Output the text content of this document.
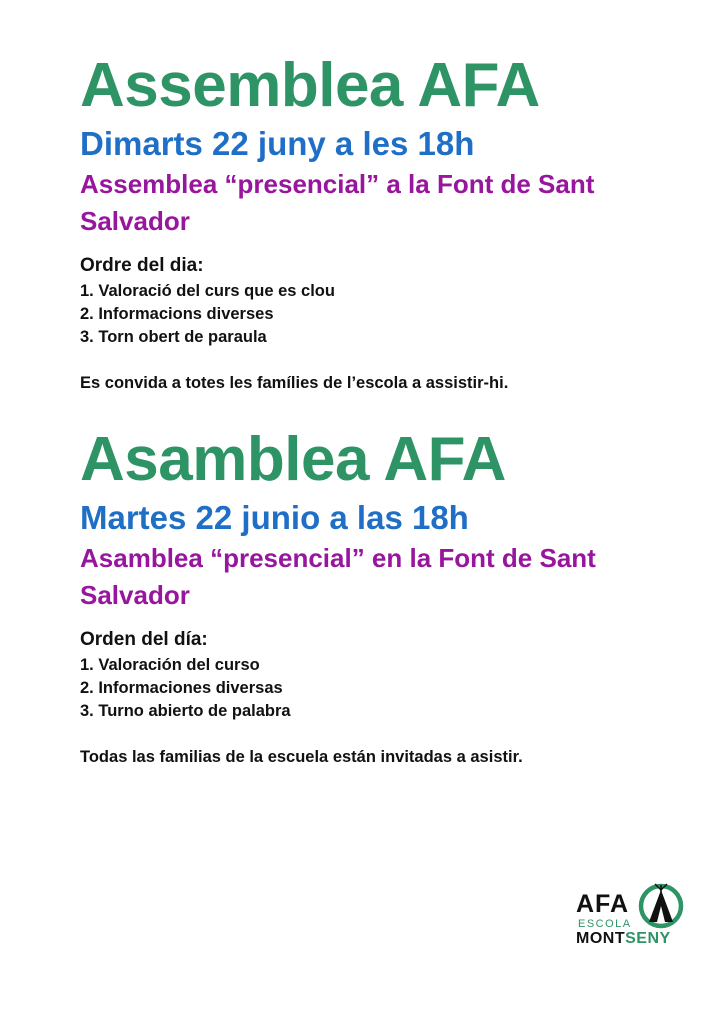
Assemblea AFA
Dimarts 22 juny a les 18h
Assemblea “presencial” a la Font de Sant Salvador
Ordre del dia:
1. Valoració del curs que es clou
2. Informacions diverses
3. Torn obert de paraula
Es convida a totes les famílies de l’escola a assistir-hi.
Asamblea AFA
Martes 22 junio a las 18h
Asamblea “presencial” en la Font de Sant Salvador
Orden del día:
1. Valoración del curso
2. Informaciones diversas
3. Turno abierto de palabra
Todas las familias de la escuela están invitadas a asistir.
AFA
ESCOLA
MONTSENY
